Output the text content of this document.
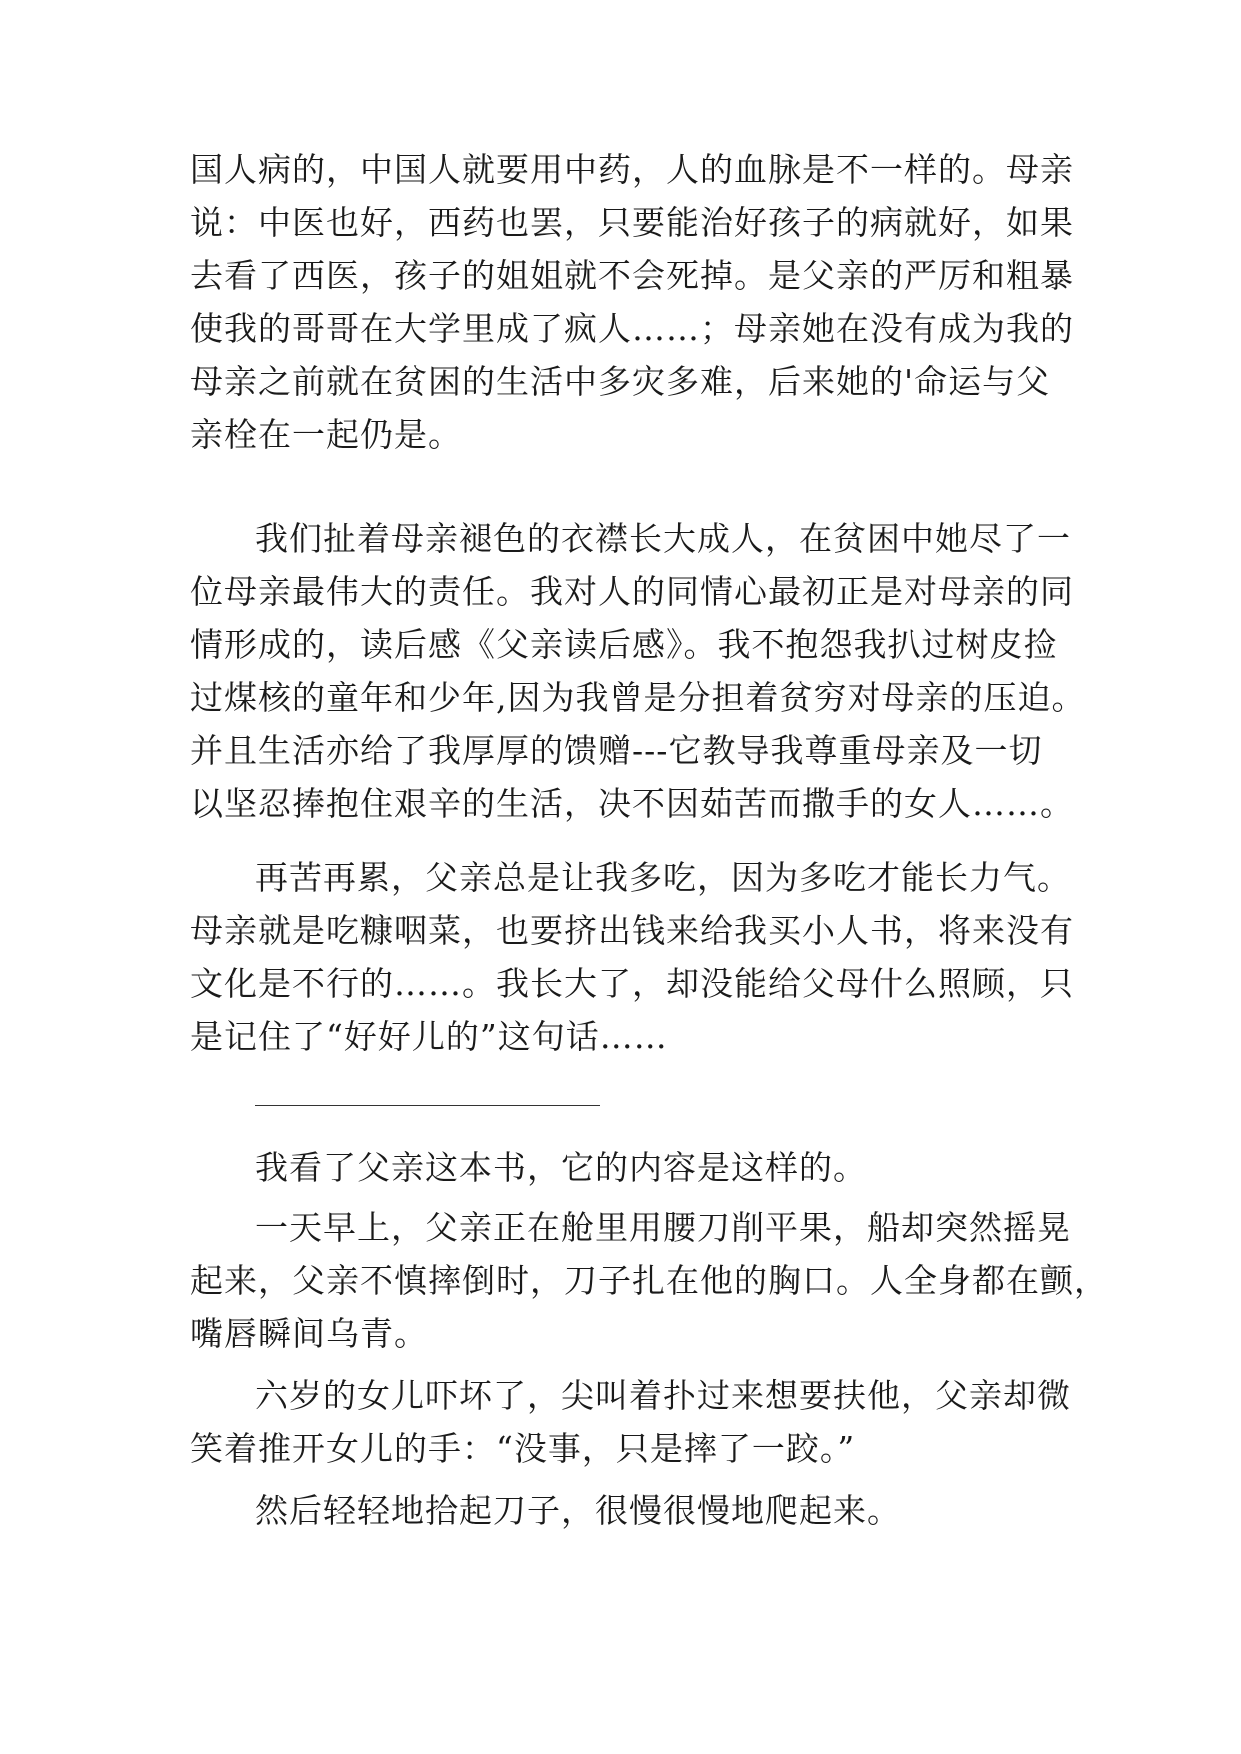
国人病的，中国人就要用中药，人的血脉是不一样的。母亲
说：中医也好，西药也罢，只要能治好孩子的病就好，如果
去看了西医，孩子的姐姐就不会死掉。是父亲的严厉和粗暴
使我的哥哥在大学里成了疯人……；母亲她在没有成为我的
母亲之前就在贫困的生活中多灾多难，后来她的'命运与父
亲栓在一起仍是。
我们扯着母亲褪色的衣襟长大成人，在贫困中她尽了一
位母亲最伟大的责任。我对人的同情心最初正是对母亲的同
情形成的，读后感《父亲读后感》。我不抱怨我扒过树皮捡
过煤核的童年和少年,因为我曾是分担着贫穷对母亲的压迫。
并且生活亦给了我厚厚的馈赠---它教导我尊重母亲及一切
以坚忍捧抱住艰辛的生活，决不因茹苦而撒手的女人……。
再苦再累，父亲总是让我多吃，因为多吃才能长力气。
母亲就是吃糠咽菜，也要挤出钱来给我买小人书，将来没有
文化是不行的……。我长大了，却没能给父母什么照顾，只
是记住了“好好儿的”这句话……
我看了父亲这本书，它的内容是这样的。
一天早上，父亲正在舱里用腰刀削平果，船却突然摇晃
起来，父亲不慎摔倒时，刀子扎在他的胸口。人全身都在颤，
嘴唇瞬间乌青。
六岁的女儿吓坏了，尖叫着扑过来想要扶他，父亲却微
笑着推开女儿的手：“没事，只是摔了一跤。”
然后轻轻地拾起刀子，很慢很慢地爬起来。
